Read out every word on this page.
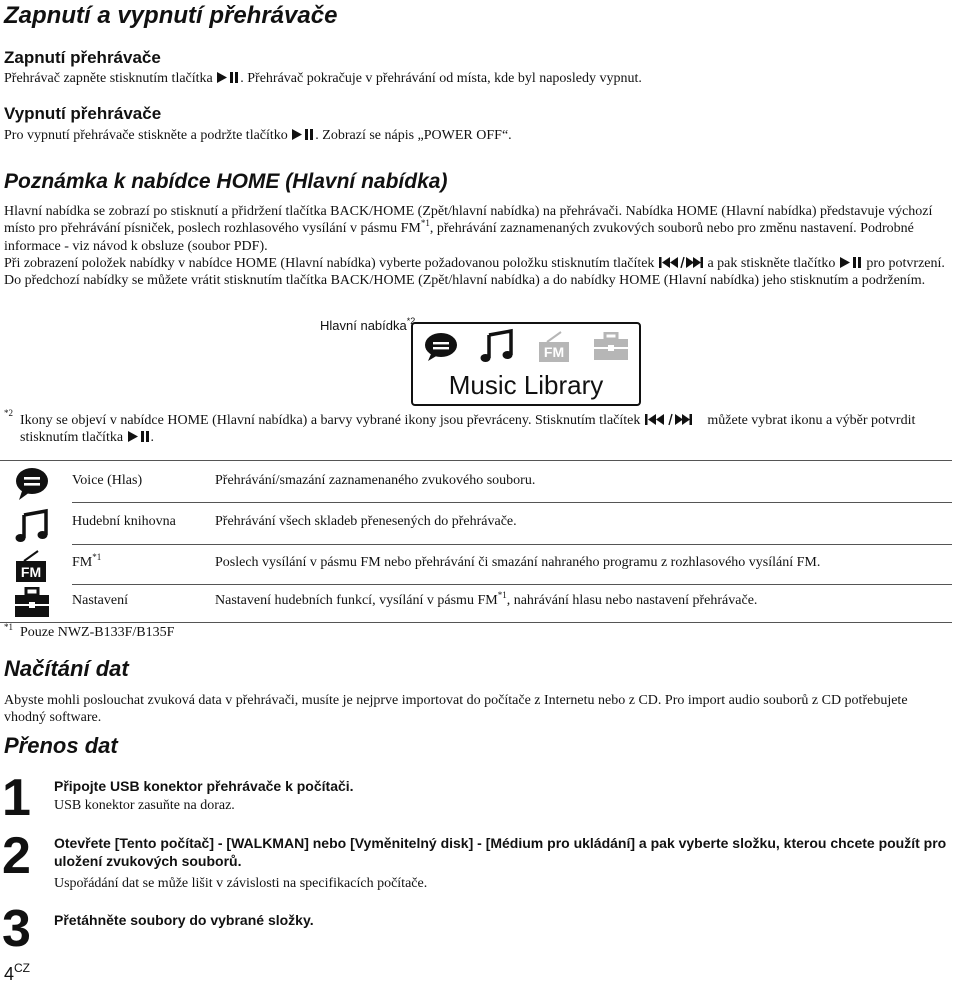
Zapnutí a vypnutí přehrávače
Zapnutí přehrávače

Přehrávač zapněte stisknutím tlačítka . Přehrávač pokračuje v přehrávání od místa, kde byl naposledy vypnut.

Vypnutí přehrávače

Pro vypnutí přehrávače stiskněte a podržte tlačítko . Zobrazí se nápis „POWER OFF“.

Poznámka k nabídce HOME (Hlavní nabídka)

Hlavní nabídka se zobrazí po stisknutí a přidržení tlačítka BACK/HOME (Zpět/hlavní nabídka) na přehrávači. Nabídka HOME (Hlavní nabídka) představuje výchozí místo pro přehrávání písniček, poslech rozhlasového vysílání v pásmu FM$^{*1}$, přehrávání zaznamenaných zvukových souborů nebo pro změnu nastavení. Podrobné informace - viz návod k obsluze (soubor PDF).

Při zobrazení položek nabídky v nabídce HOME (Hlavní nabídka) vyberte požadovanou položku stisknutím tlačítek	a pak stiskněte tlačítko pro potvrzení. Do předchozí nabídky se můžete vrátit stisknutím tlačítka BACK/HOME (Zpět/hlavní nabídka) a do nabídky HOME (Hlavní nabídka) jeho stisknutím a podržením.

Hlavní nabídka$^{*2}$
FM
Music Library
$^{*2}$ Ikony se objeví v nabídce HOME (Hlavní nabídka) a barvy vybrané ikony jsou převráceny. Stisknutím tlačítek	můžete vybrat ikonu a výběr potvrdit stisknutím tlačítka .

Voice (Hlas)	Přehrávání/smazání zaznamenaného zvukového souboru.
Hudební knihovna	Přehrávání všech skladeb přenesených do přehrávače.
FM
FM$^{*1}$	Poslech vysílání v pásmu FM nebo přehrávání či smazání nahraného programu z rozhlasového vysílání FM.
Nastavení	Nastavení hudebních funkcí, vysílání v pásmu FM$^{*1}$, nahrávání hlasu nebo nastavení přehrávače.
$^{*1}$ Pouze NWZ-B133F/B135F
Načítání dat

Abyste mohli poslouchat zvuková data v přehrávači, musíte je nejprve importovat do počítače z Internetu nebo z CD. Pro import audio souborů z CD potřebujete vhodný software.

Přenos dat
1 Připojte USB konektor přehrávače k počítači.
USB konektor zasuňte na doraz.
2 Otevřete [Tento počítač] - [WALKMAN] nebo [Vyměnitelný disk] - [Médium pro ukládání] a pak vyberte složku, kterou chcete použít pro uložení zvukových souborů.
Uspořádání dat se může lišit v závislosti na specifikacích počítače.
3 Přetáhněte soubory do vybrané složky.
$4^{CZ}$
